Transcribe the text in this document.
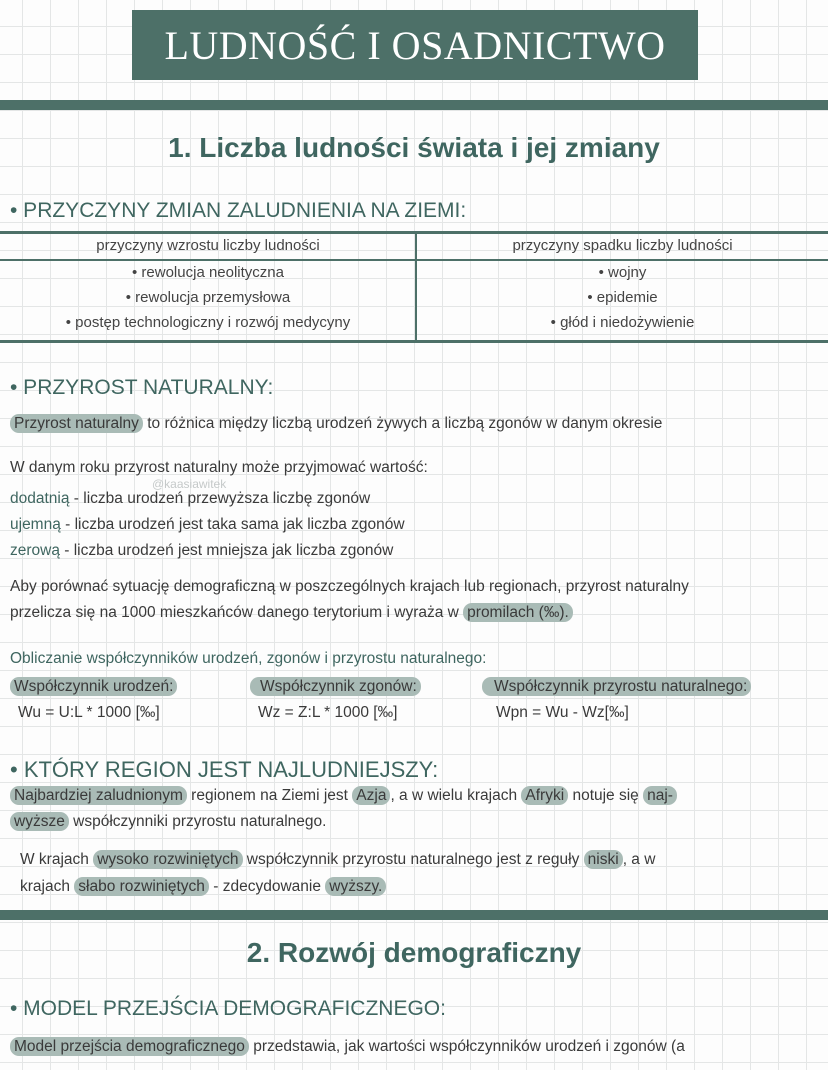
LUDNOŚĆ I OSADNICTWO
1. Liczba ludności świata i jej zmiany
• PRZYCZYNY ZMIAN ZALUDNIENIA NA ZIEMI:
przyczyny wzrostu liczby ludności	przyczyny spadku liczby ludności
• rewolucja neolityczna
• rewolucja przemysłowa
• postęp technologiczny i rozwój medycyny
• wojny
• epidemie
• głód i niedożywienie
• PRZYROST NATURALNY:
@kaasiawitek
Przyrost naturalny to różnica między liczbą urodzeń żywych a liczbą zgonów w danym okresie
W danym roku przyrost naturalny może przyjmować wartość:
dodatnią - liczba urodzeń przewyższa liczbę zgonów
ujemną - liczba urodzeń jest taka sama jak liczba zgonów
zerową - liczba urodzeń jest mniejsza jak liczba zgonów
Aby porównać sytuację demograficzną w poszczególnych krajach lub regionach, przyrost naturalny
przelicza się na 1000 mieszkańców danego terytorium i wyraża w promilach (‰).
Obliczanie współczynników urodzeń, zgonów i przyrostu naturalnego:
Najbardziej zaludnionym regionem na Ziemi jest Azja , a w wielu krajach Afryki notuje się naj-
wyższe współczynniki przyrostu naturalnego.
W krajach wysoko rozwiniętych współczynnik przyrostu naturalnego jest z reguły niski , a w
krajach słabo rozwiniętych - zdecydowanie wyższy.
Model przejścia demograficznego przedstawia, jak wartości współczynników urodzeń i zgonów (a
Współczynnik urodzeń:
Wu = U:L * 1000 [‰]
Współczynnik zgonów:
Wz = Z:L * 1000 [‰]
Współczynnik przyrostu naturalnego:
Wpn = Wu - Wz[‰]
• KTÓRY REGION JEST NAJLUDNIEJSZY:
2. Rozwój demograficzny
• MODEL PRZEJŚCIA DEMOGRAFICZNEGO:
